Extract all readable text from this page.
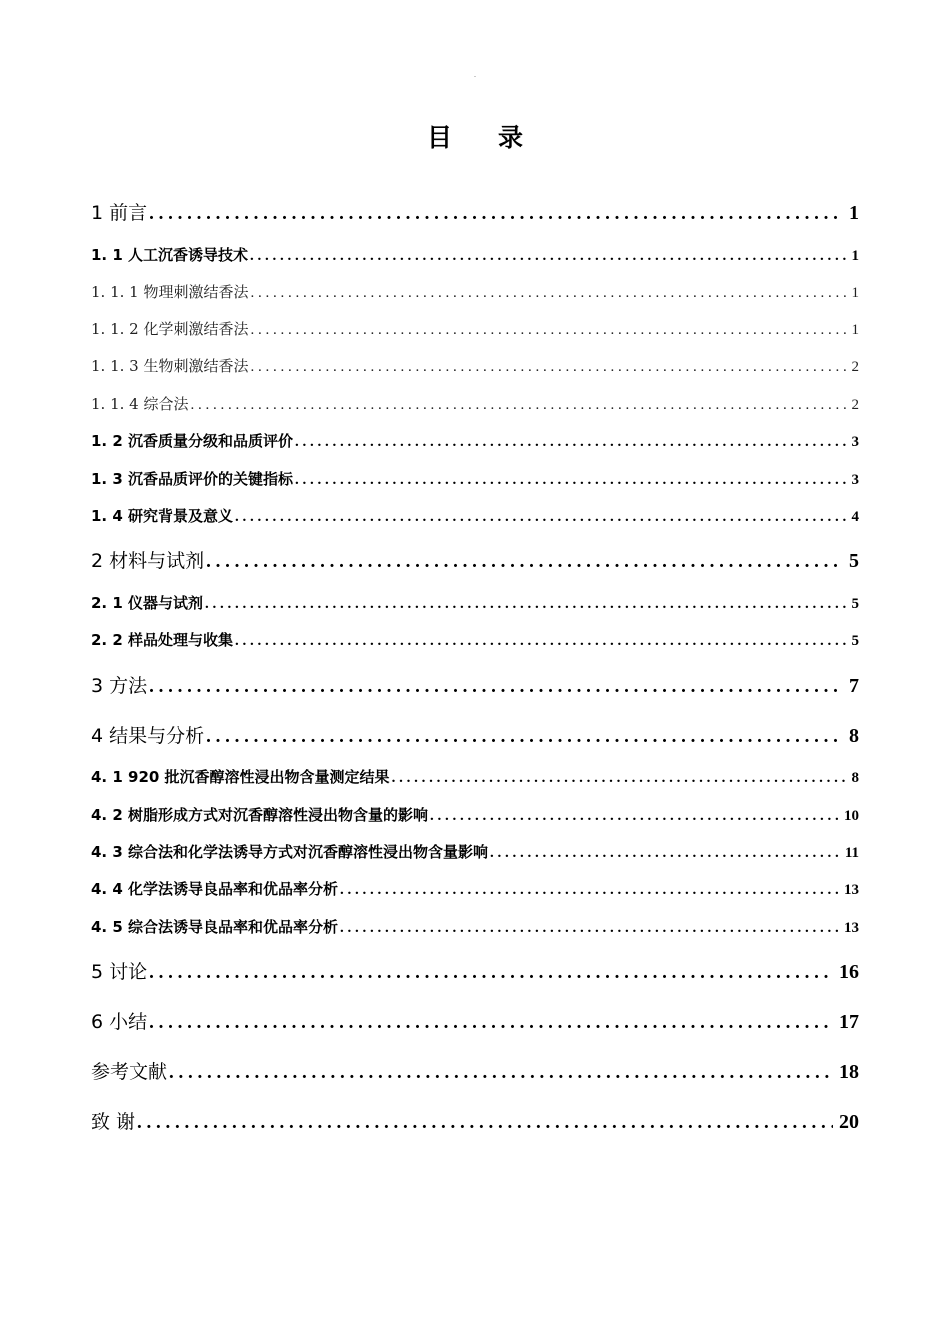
.
目录
1 前言 . . .	1
1. 1 人工沉香诱导技术 . . .	1
1. 1. 1 物理刺激结香法 . . .	1
1. 1. 2 化学刺激结香法 . . .	1
1. 1. 3 生物刺激结香法 . . .	2
1. 1. 4 综合法 . . .	2
1. 2 沉香质量分级和品质评价 . . .	3
1. 3 沉香品质评价的关键指标 . . .	3
1. 4 研究背景及意义 . . .	4
2 材料与试剂 . . .	5
2. 1 仪器与试剂 . . .	5
2. 2 样品处理与收集 . . .	5
3 方法 . . .	7
4 结果与分析 . . .	8
4. 1 920 批沉香醇溶性浸出物含量测定结果 . . .	8
4. 2 树脂形成方式对沉香醇溶性浸出物含量的影响 . . .	10
4. 3 综合法和化学法诱导方式对沉香醇溶性浸出物含量影响 . . .	11
4. 4 化学法诱导良品率和优品率分析 . . .	13
4. 5 综合法诱导良品率和优品率分析 . . .	13
5 讨论 . . .	16
6 小结 . . .	17
参考文献 . . .	18
致 谢 . . .	20
